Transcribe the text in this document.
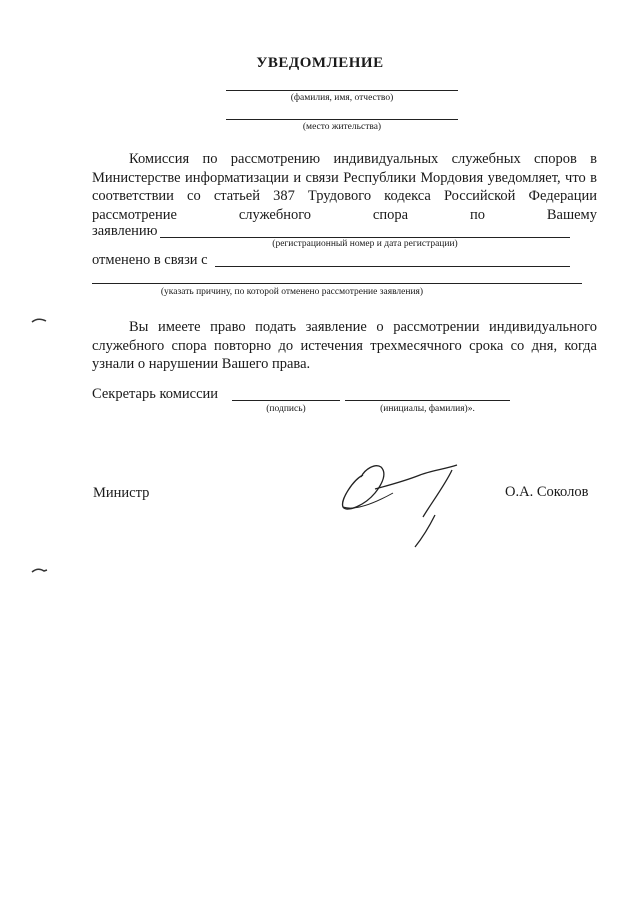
УВЕДОМЛЕНИЕ
(фамилия, имя, отчество)
(место жительства)
Комиссия по рассмотрению индивидуальных служебных споров в Министерстве информатизации и связи Республики Мордовия уведомляет, что в соответствии со статьей 387 Трудового кодекса Российской Федерации рассмотрение служебного спора по Вашему
заявлению
(регистрационный номер и дата регистрации)
отменено в связи с
(указать причину, по которой отменено рассмотрение заявления)
Вы имеете право подать заявление о рассмотрении индивидуального служебного спора повторно до истечения трехмесячного срока со дня, когда узнали о нарушении Вашего права.
Секретарь комиссии
(подпись)	(инициалы, фамилия)».
Министр	О.А. Соколов
